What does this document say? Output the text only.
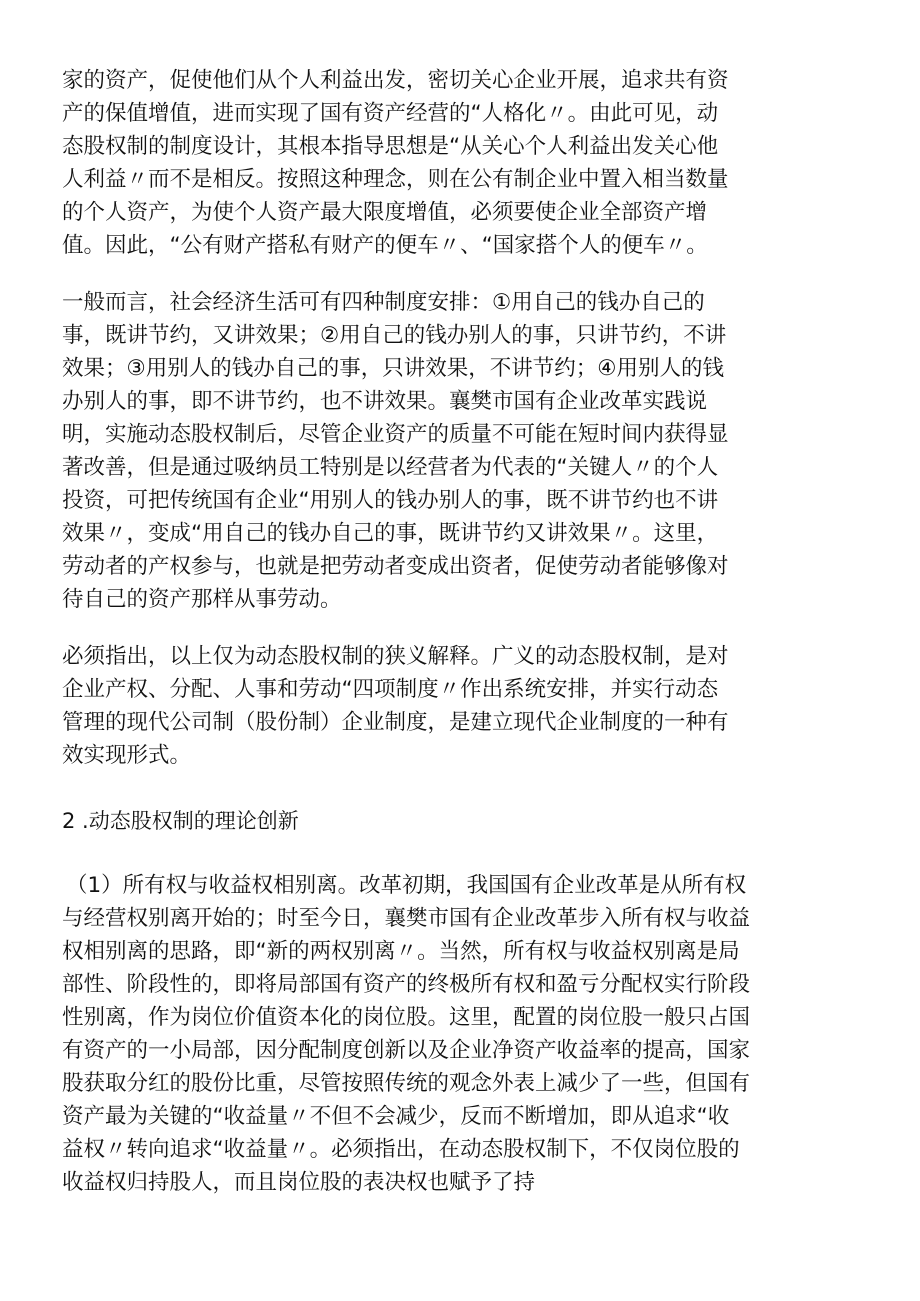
家的资产，促使他们从个人利益出发，密切关心企业开展，追求共有资
产的保值增值，进而实现了国有资产经营的“人格化〃。由此可见，动
态股权制的制度设计，其根本指导思想是“从关心个人利益出发关心他
人利益〃而不是相反。按照这种理念，则在公有制企业中置入相当数量
的个人资产，为使个人资产最大限度增值，必须要使企业全部资产增
值。因此，“公有财产搭私有财产的便车〃、“国家搭个人的便车〃。
一般而言，社会经济生活可有四种制度安排：①用自己的钱办自己的
事，既讲节约，又讲效果；②用自己的钱办别人的事，只讲节约，不讲
效果；③用别人的钱办自己的事，只讲效果，不讲节约；④用别人的钱
办别人的事，即不讲节约，也不讲效果。襄樊市国有企业改革实践说
明，实施动态股权制后，尽管企业资产的质量不可能在短时间内获得显
著改善，但是通过吸纳员工特别是以经营者为代表的“关键人〃的个人
投资，可把传统国有企业“用别人的钱办别人的事，既不讲节约也不讲
效果〃，变成“用自己的钱办自己的事，既讲节约又讲效果〃。这里，
劳动者的产权参与，也就是把劳动者变成出资者，促使劳动者能够像对
待自己的资产那样从事劳动。
必须指出，以上仅为动态股权制的狭义解释。广义的动态股权制，是对
企业产权、分配、人事和劳动“四项制度〃作出系统安排，并实行动态
管理的现代公司制（股份制）企业制度，是建立现代企业制度的一种有
效实现形式。
2 .动态股权制的理论创新
（1）所有权与收益权相别离。改革初期，我国国有企业改革是从所有权
与经营权别离开始的；时至今日，襄樊市国有企业改革步入所有权与收益
权相别离的思路，即“新的两权别离〃。当然，所有权与收益权别离是局
部性、阶段性的，即将局部国有资产的终极所有权和盈亏分配权实行阶段
性别离，作为岗位价值资本化的岗位股。这里，配置的岗位股一般只占国
有资产的一小局部，因分配制度创新以及企业净资产收益率的提高，国家
股获取分红的股份比重，尽管按照传统的观念外表上减少了一些，但国有
资产最为关键的“收益量〃不但不会减少，反而不断增加，即从追求“收
益权〃转向追求“收益量〃。必须指出，在动态股权制下，不仅岗位股的
收益权归持股人，而且岗位股的表决权也赋予了持
